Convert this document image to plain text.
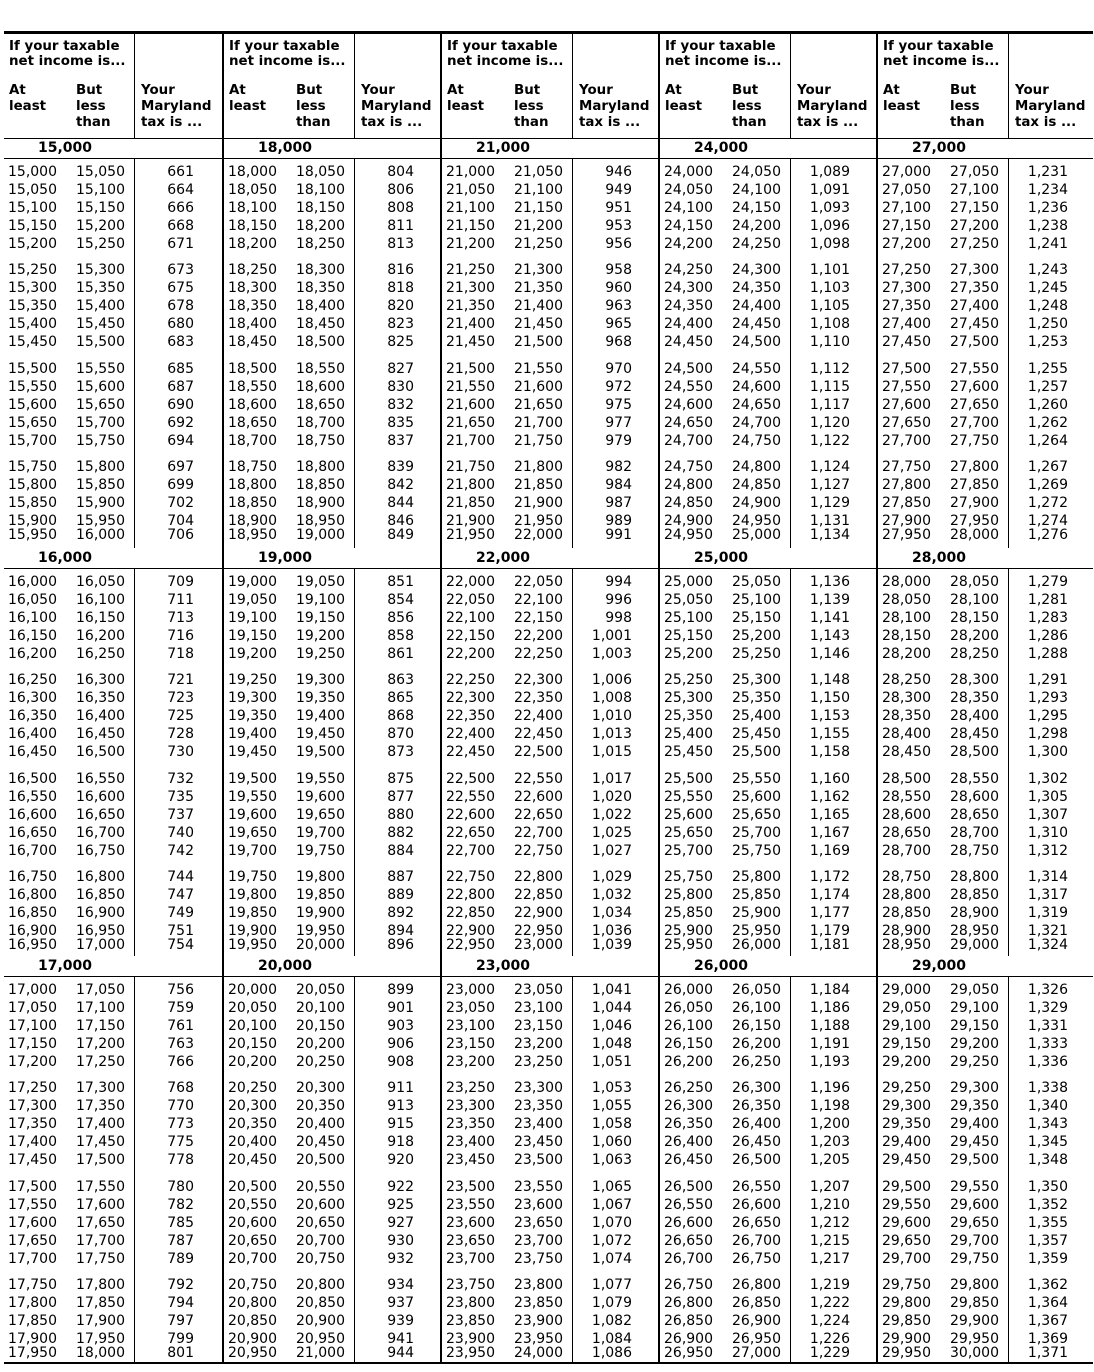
If your taxable
net income is...
At
least
But
less
than
Your
Maryland
tax is ...
15,000
15,000 15,050	661
15,050 15,100	664
15,100 15,150	666
15,150 15,200	668
15,200 15,250	671
15,250 15,300	673
15,300 15,350	675
15,350 15,400	678
15,400 15,450	680
15,450 15,500	683
15,500 15,550	685
15,550 15,600	687
15,600 15,650	690
15,650 15,700	692
15,700 15,750	694
15,750 15,800	697
15,800 15,850	699
15,850 15,900	702
15,900 15,950	704
15,950 16,000	706
16,000
16,000 16,050	709
16,050 16,100	711
16,100 16,150	713
16,150 16,200	716
16,200 16,250	718
16,250 16,300	721
16,300 16,350	723
16,350 16,400	725
16,400 16,450	728
16,450 16,500	730
16,500 16,550	732
16,550 16,600	735
16,600 16,650	737
16,650 16,700	740
16,700 16,750	742
16,750 16,800	744
16,800 16,850	747
16,850 16,900	749
16,900 16,950	751
16,950 17,000	754
17,000
17,000 17,050	756
17,050 17,100	759
17,100 17,150	761
17,150 17,200	763
17,200 17,250	766
17,250 17,300	768
17,300 17,350	770
17,350 17,400	773
17,400 17,450	775
17,450 17,500	778
17,500 17,550	780
17,550 17,600	782
17,600 17,650	785
17,650 17,700	787
17,700 17,750	789
17,750 17,800	792
17,800 17,850	794
17,850 17,900	797
17,900 17,950	799
17,950 18,000	801
If your taxable
net income is...
At
least
But
less
than
Your
Maryland
tax is ...
18,000
18,000 18,050	804
18,050 18,100	806
18,100 18,150	808
18,150 18,200	811
18,200 18,250	813
18,250 18,300	816
18,300 18,350	818
18,350 18,400	820
18,400 18,450	823
18,450 18,500	825
18,500 18,550	827
18,550 18,600	830
18,600 18,650	832
18,650 18,700	835
18,700 18,750	837
18,750 18,800	839
18,800 18,850	842
18,850 18,900	844
18,900 18,950	846
18,950 19,000	849
19,000
19,000 19,050	851
19,050 19,100	854
19,100 19,150	856
19,150 19,200	858
19,200 19,250	861
19,250 19,300	863
19,300 19,350	865
19,350 19,400	868
19,400 19,450	870
19,450 19,500	873
19,500 19,550	875
19,550 19,600	877
19,600 19,650	880
19,650 19,700	882
19,700 19,750	884
19,750 19,800	887
19,800 19,850	889
19,850 19,900	892
19,900 19,950	894
19,950 20,000	896
20,000
20,000 20,050	899
20,050 20,100	901
20,100 20,150	903
20,150 20,200	906
20,200 20,250	908
20,250 20,300	911
20,300 20,350	913
20,350 20,400	915
20,400 20,450	918
20,450 20,500	920
20,500 20,550	922
20,550 20,600	925
20,600 20,650	927
20,650 20,700	930
20,700 20,750	932
20,750 20,800	934
20,800 20,850	937
20,850 20,900	939
20,900 20,950	941
20,950 21,000	944
If your taxable
net income is...
At
least
But
less
than
Your
Maryland
tax is ...
21,000
21,000 21,050	946
21,050 21,100	949
21,100 21,150	951
21,150 21,200	953
21,200 21,250	956
21,250 21,300	958
21,300 21,350	960
21,350 21,400	963
21,400 21,450	965
21,450 21,500	968
21,500 21,550	970
21,550 21,600	972
21,600 21,650	975
21,650 21,700	977
21,700 21,750	979
21,750 21,800	982
21,800 21,850	984
21,850 21,900	987
21,900 21,950	989
21,950 22,000	991
22,000
22,000 22,050	994
22,050 22,100	996
22,100 22,150	998
22,150 22,200	1,001
22,200 22,250	1,003
22,250 22,300	1,006
22,300 22,350	1,008
22,350 22,400	1,010
22,400 22,450	1,013
22,450 22,500	1,015
22,500 22,550	1,017
22,550 22,600	1,020
22,600 22,650	1,022
22,650 22,700	1,025
22,700 22,750	1,027
22,750 22,800	1,029
22,800 22,850	1,032
22,850 22,900	1,034
22,900 22,950	1,036
22,950 23,000	1,039
23,000
23,000 23,050	1,041
23,050 23,100	1,044
23,100 23,150	1,046
23,150 23,200	1,048
23,200 23,250	1,051
23,250 23,300	1,053
23,300 23,350	1,055
23,350 23,400	1,058
23,400 23,450	1,060
23,450 23,500	1,063
23,500 23,550	1,065
23,550 23,600	1,067
23,600 23,650	1,070
23,650 23,700	1,072
23,700 23,750	1,074
23,750 23,800	1,077
23,800 23,850	1,079
23,850 23,900	1,082
23,900 23,950	1,084
23,950 24,000	1,086
If your taxable
net income is...
At
least
But
less
than
Your
Maryland
tax is ...
24,000
24,000 24,050	1,089
24,050 24,100	1,091
24,100 24,150	1,093
24,150 24,200	1,096
24,200 24,250	1,098
24,250 24,300	1,101
24,300 24,350	1,103
24,350 24,400	1,105
24,400 24,450	1,108
24,450 24,500	1,110
24,500 24,550	1,112
24,550 24,600	1,115
24,600 24,650	1,117
24,650 24,700	1,120
24,700 24,750	1,122
24,750 24,800	1,124
24,800 24,850	1,127
24,850 24,900	1,129
24,900 24,950	1,131
24,950 25,000	1,134
25,000
25,000 25,050	1,136
25,050 25,100	1,139
25,100 25,150	1,141
25,150 25,200	1,143
25,200 25,250	1,146
25,250 25,300	1,148
25,300 25,350	1,150
25,350 25,400	1,153
25,400 25,450	1,155
25,450 25,500	1,158
25,500 25,550	1,160
25,550 25,600	1,162
25,600 25,650	1,165
25,650 25,700	1,167
25,700 25,750	1,169
25,750 25,800	1,172
25,800 25,850	1,174
25,850 25,900	1,177
25,900 25,950	1,179
25,950 26,000	1,181
26,000
26,000 26,050	1,184
26,050 26,100	1,186
26,100 26,150	1,188
26,150 26,200	1,191
26,200 26,250	1,193
26,250 26,300	1,196
26,300 26,350	1,198
26,350 26,400	1,200
26,400 26,450	1,203
26,450 26,500	1,205
26,500 26,550	1,207
26,550 26,600	1,210
26,600 26,650	1,212
26,650 26,700	1,215
26,700 26,750	1,217
26,750 26,800	1,219
26,800 26,850	1,222
26,850 26,900	1,224
26,900 26,950	1,226
26,950 27,000	1,229
If your taxable
net income is...
At
least
But
less
than
Your
Maryland
tax is ...
27,000
27,000 27,050	1,231
27,050 27,100	1,234
27,100 27,150	1,236
27,150 27,200	1,238
27,200 27,250	1,241
27,250 27,300	1,243
27,300 27,350	1,245
27,350 27,400	1,248
27,400 27,450	1,250
27,450 27,500	1,253
27,500 27,550	1,255
27,550 27,600	1,257
27,600 27,650	1,260
27,650 27,700	1,262
27,700 27,750	1,264
27,750 27,800	1,267
27,800 27,850	1,269
27,850 27,900	1,272
27,900 27,950	1,274
27,950 28,000	1,276
28,000
28,000 28,050	1,279
28,050 28,100	1,281
28,100 28,150	1,283
28,150 28,200	1,286
28,200 28,250	1,288
28,250 28,300	1,291
28,300 28,350	1,293
28,350 28,400	1,295
28,400 28,450	1,298
28,450 28,500	1,300
28,500 28,550	1,302
28,550 28,600	1,305
28,600 28,650	1,307
28,650 28,700	1,310
28,700 28,750	1,312
28,750 28,800	1,314
28,800 28,850	1,317
28,850 28,900	1,319
28,900 28,950	1,321
28,950 29,000	1,324
29,000
29,000 29,050	1,326
29,050 29,100	1,329
29,100 29,150	1,331
29,150 29,200	1,333
29,200 29,250	1,336
29,250 29,300	1,338
29,300 29,350	1,340
29,350 29,400	1,343
29,400 29,450	1,345
29,450 29,500	1,348
29,500 29,550	1,350
29,550 29,600	1,352
29,600 29,650	1,355
29,650 29,700	1,357
29,700 29,750	1,359
29,750 29,800	1,362
29,800 29,850	1,364
29,850 29,900	1,367
29,900 29,950	1,369
29,950 30,000	1,371
